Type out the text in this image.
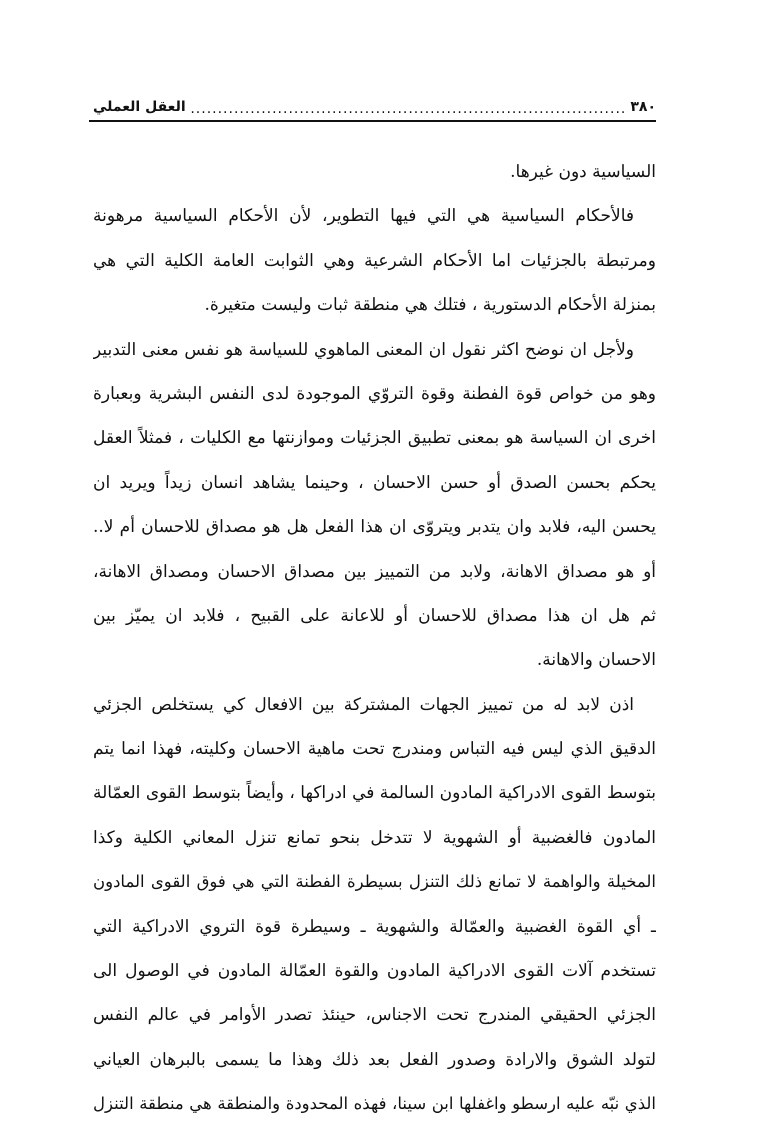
٣٨٠
.....
العقل العملي
السياسية دون غيرها.
فالأحكام السياسية هي التي فيها التطوير، لأن الأحكام السياسية مرهونة
ومرتبطة بالجزئيات اما الأحكام الشرعية وهي الثوابت العامة الكلية التي هي
بمنزلة الأحكام الدستورية ، فتلك هي منطقة ثبات وليست متغيرة.
ولأجل ان نوضح اكثر نقول ان المعنى الماهوي للسياسة هو نفس معنى التدبير
وهو من خواص قوة الفطنة وقوة التروّي الموجودة لدى النفس البشرية وبعبارة
اخرى ان السياسة هو بمعنى تطبيق الجزئيات وموازنتها مع الكليات ، فمثلاً العقل
يحكم بحسن الصدق أو حسن الاحسان ، وحينما يشاهد انسان زيداً ويريد ان
يحسن اليه، فلابد وان يتدبر ويتروّى ان هذا الفعل هل هو مصداق للاحسان أم لا..
أو هو مصداق الاهانة، ولابد من التمييز بين مصداق الاحسان ومصداق الاهانة،
ثم هل ان هذا مصداق للاحسان أو للاعانة على القبيح ، فلابد ان يميّز بين
الاحسان والاهانة.
اذن لابد له من تمييز الجهات المشتركة بين الافعال كي يستخلص الجزئي
الدقيق الذي ليس فيه التباس ومندرج تحت ماهية الاحسان وكليته، فهذا انما يتم
بتوسط القوى الادراكية المادون السالمة في ادراكها ، وأيضاً بتوسط القوى العمّالة
المادون فالغضبية أو الشهوية لا تتدخل بنحو تمانع تنزل المعاني الكلية وكذا
المخيلة والواهمة لا تمانع ذلك التنزل بسيطرة الفطنة التي هي فوق القوى المادون
ـ أي القوة الغضبية والعمّالة والشهوية ـ وسيطرة قوة التروي الادراكية التي
تستخدم آلات القوى الادراكية المادون والقوة العمّالة المادون في الوصول الى
الجزئي الحقيقي المندرج تحت الاجناس، حينئذ تصدر الأوامر في عالم النفس
لتولد الشوق والارادة وصدور الفعل بعد ذلك وهذا ما يسمى بالبرهان العياني
الذي نبّه عليه ارسطو واغفلها ابن سينا، فهذه المحدودة والمنطقة هي منطقة التنزل
